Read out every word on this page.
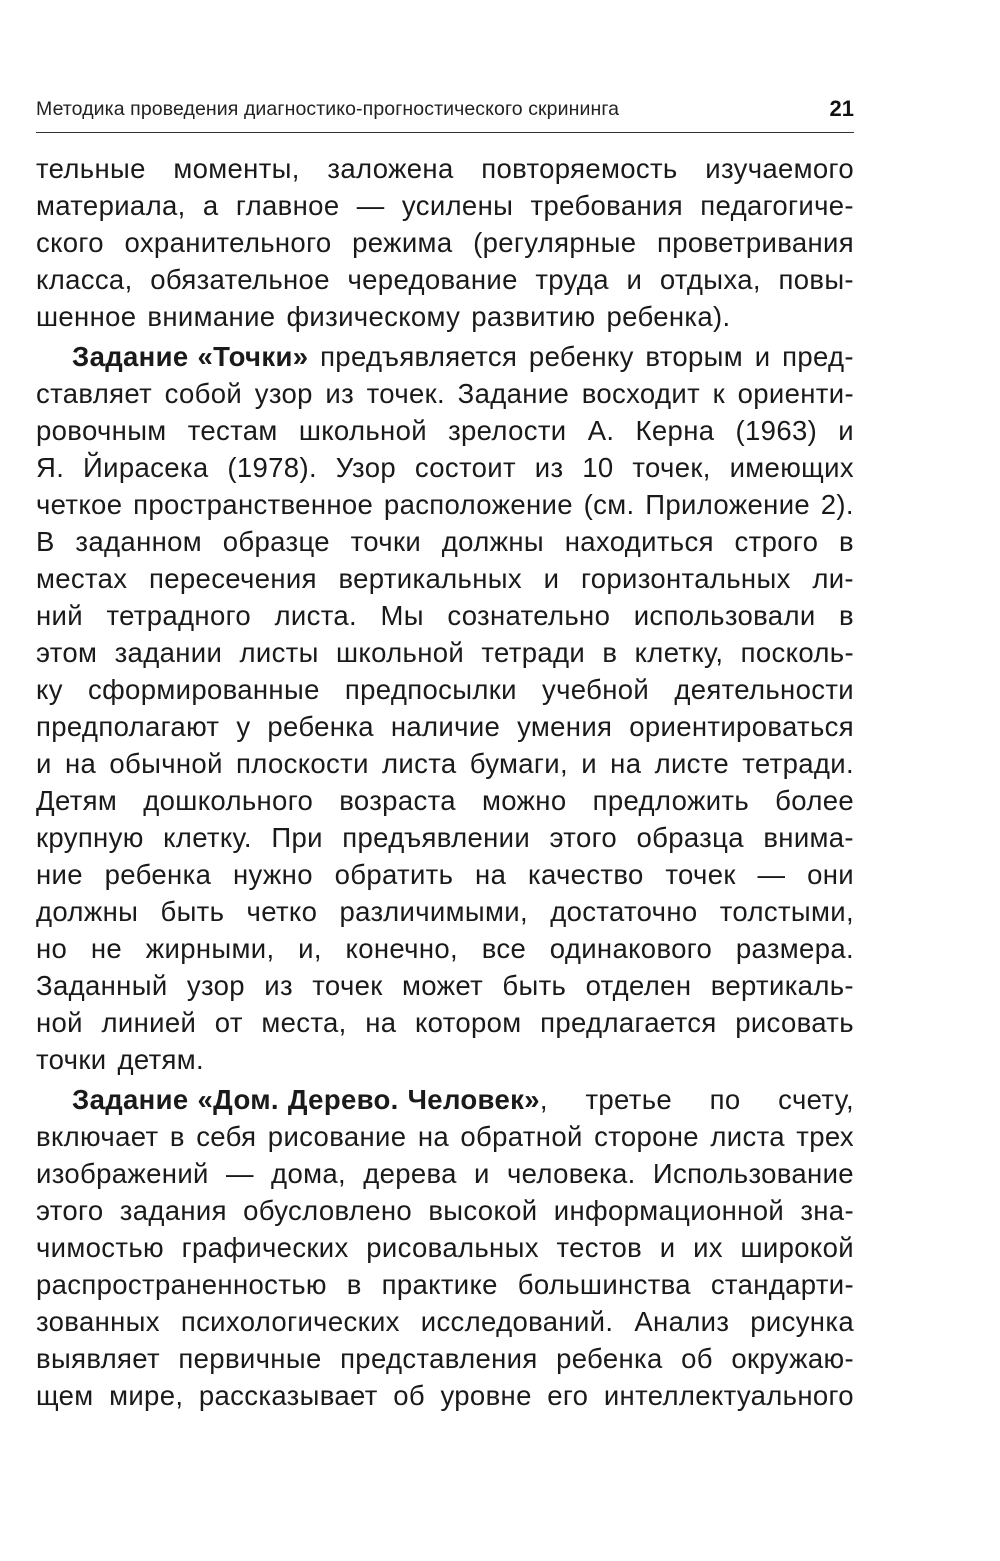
Методика проведения диагностико-прогностического скрининга	21
тельные моменты, заложена повторяемость изучаемого
материала, а главное — усилены требования педагогиче-
ского охранительного режима (регулярные проветривания
класса, обязательное чередование труда и отдыха, повы-
шенное внимание физическому развитию ребенка).
Задание «Точки» предъявляется ребенку вторым и пред-
ставляет собой узор из точек. Задание восходит к ориенти-
ровочным тестам школьной зрелости А. Керна (1963) и
Я. Йирасека (1978). Узор состоит из 10 точек, имеющих
четкое пространственное расположение (см. Приложение 2).
В заданном образце точки должны находиться строго в
местах пересечения вертикальных и горизонтальных ли-
ний тетрадного листа. Мы сознательно использовали в
этом задании листы школьной тетради в клетку, посколь-
ку сформированные предпосылки учебной деятельности
предполагают у ребенка наличие умения ориентироваться
и на обычной плоскости листа бумаги, и на листе тетради.
Детям дошкольного возраста можно предложить более
крупную клетку. При предъявлении этого образца внима-
ние ребенка нужно обратить на качество точек — они
должны быть четко различимыми, достаточно толстыми,
но не жирными, и, конечно, все одинакового размера.
Заданный узор из точек может быть отделен вертикаль-
ной линией от места, на котором предлагается рисовать
точки детям.
Задание «Дом. Дерево. Человек», третье по счету,
включает в себя рисование на обратной стороне листа трех
изображений — дома, дерева и человека. Использование
этого задания обусловлено высокой информационной зна-
чимостью графических рисовальных тестов и их широкой
распространенностью в практике большинства стандарти-
зованных психологических исследований. Анализ рисунка
выявляет первичные представления ребенка об окружаю-
щем мире, рассказывает об уровне его интеллектуального
